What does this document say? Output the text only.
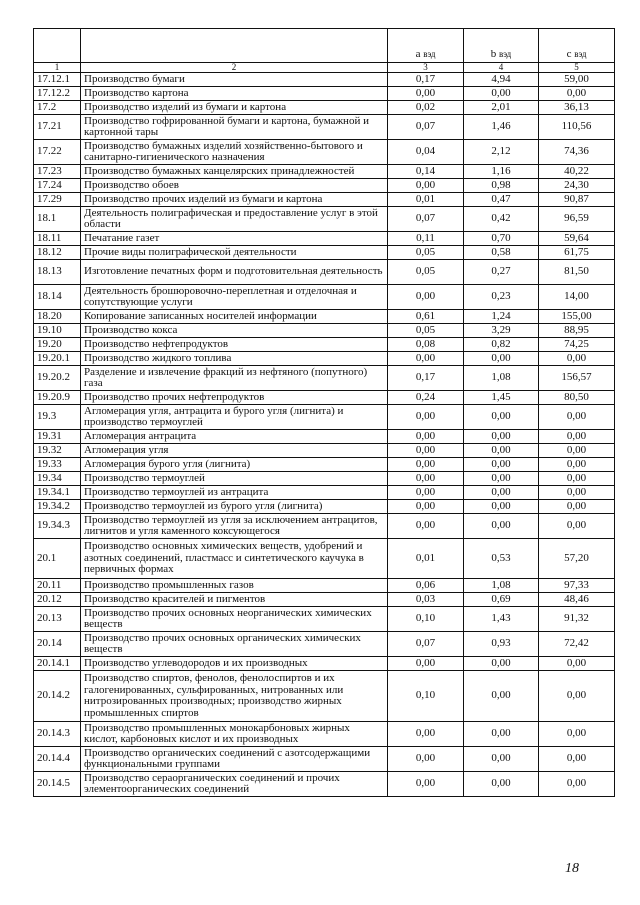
		a вэд	b вэд	c вэд
1	2	3	4	5
17.12.1	Производство бумаги	0,17	4,94	59,00
17.12.2	Производство картона	0,00	0,00	0,00
17.2	Производство изделий из бумаги и картона	0,02	2,01	36,13
17.21	Производство гофрированной бумаги и картона, бумажной и картонной тары	0,07	1,46	110,56
17.22	Производство бумажных изделий хозяйственно-бытового и санитарно-гигиенического назначения	0,04	2,12	74,36
17.23	Производство бумажных канцелярских принадлежностей	0,14	1,16	40,22
17.24	Производство обоев	0,00	0,98	24,30
17.29	Производство прочих изделий из бумаги и картона	0,01	0,47	90,87
18.1	Деятельность полиграфическая и предоставление услуг в этой области	0,07	0,42	96,59
18.11	Печатание газет	0,11	0,70	59,64
18.12	Прочие виды полиграфической деятельности	0,05	0,58	61,75
18.13	Изготовление печатных форм и подготовительная деятельность	0,05	0,27	81,50
18.14	Деятельность брошюровочно-переплетная и отделочная и сопутствующие услуги	0,00	0,23	14,00
18.20	Копирование записанных носителей информации	0,61	1,24	155,00
19.10	Производство кокса	0,05	3,29	88,95
19.20	Производство нефтепродуктов	0,08	0,82	74,25
19.20.1	Производство жидкого топлива	0,00	0,00	0,00
19.20.2	Разделение и извлечение фракций из нефтяного (попутного) газа	0,17	1,08	156,57
19.20.9	Производство прочих нефтепродуктов	0,24	1,45	80,50
19.3	Агломерация угля, антрацита и бурого угля (лигнита) и производство термоуглей	0,00	0,00	0,00
19.31	Агломерация антрацита	0,00	0,00	0,00
19.32	Агломерация угля	0,00	0,00	0,00
19.33	Агломерация бурого угля (лигнита)	0,00	0,00	0,00
19.34	Производство термоуглей	0,00	0,00	0,00
19.34.1	Производство термоуглей из антрацита	0,00	0,00	0,00
19.34.2	Производство термоуглей из бурого угля (лигнита)	0,00	0,00	0,00
19.34.3	Производство термоуглей из угля за исключением антрацитов, лигнитов и угля каменного коксующегося	0,00	0,00	0,00
20.1	Производство основных химических веществ, удобрений и азотных соединений, пластмасс и синтетического каучука в первичных формах	0,01	0,53	57,20
20.11	Производство промышленных газов	0,06	1,08	97,33
20.12	Производство красителей и пигментов	0,03	0,69	48,46
20.13	Производство прочих основных неорганических химических веществ	0,10	1,43	91,32
20.14	Производство прочих основных органических химических веществ	0,07	0,93	72,42
20.14.1	Производство углеводородов и их производных	0,00	0,00	0,00
20.14.2	Производство спиртов, фенолов, фенолоспиртов и их галогенированных, сульфированных, нитрованных или нитрозированных производных; производство жирных промышленных спиртов	0,10	0,00	0,00
20.14.3	Производство промышленных монокарбоновых жирных кислот, карбоновых кислот и их производных	0,00	0,00	0,00
20.14.4	Производство органических соединений с азотсодержащими функциональными группами	0,00	0,00	0,00
20.14.5	Производство сераорганических соединений и прочих элементоорганических соединений	0,00	0,00	0,00
18
